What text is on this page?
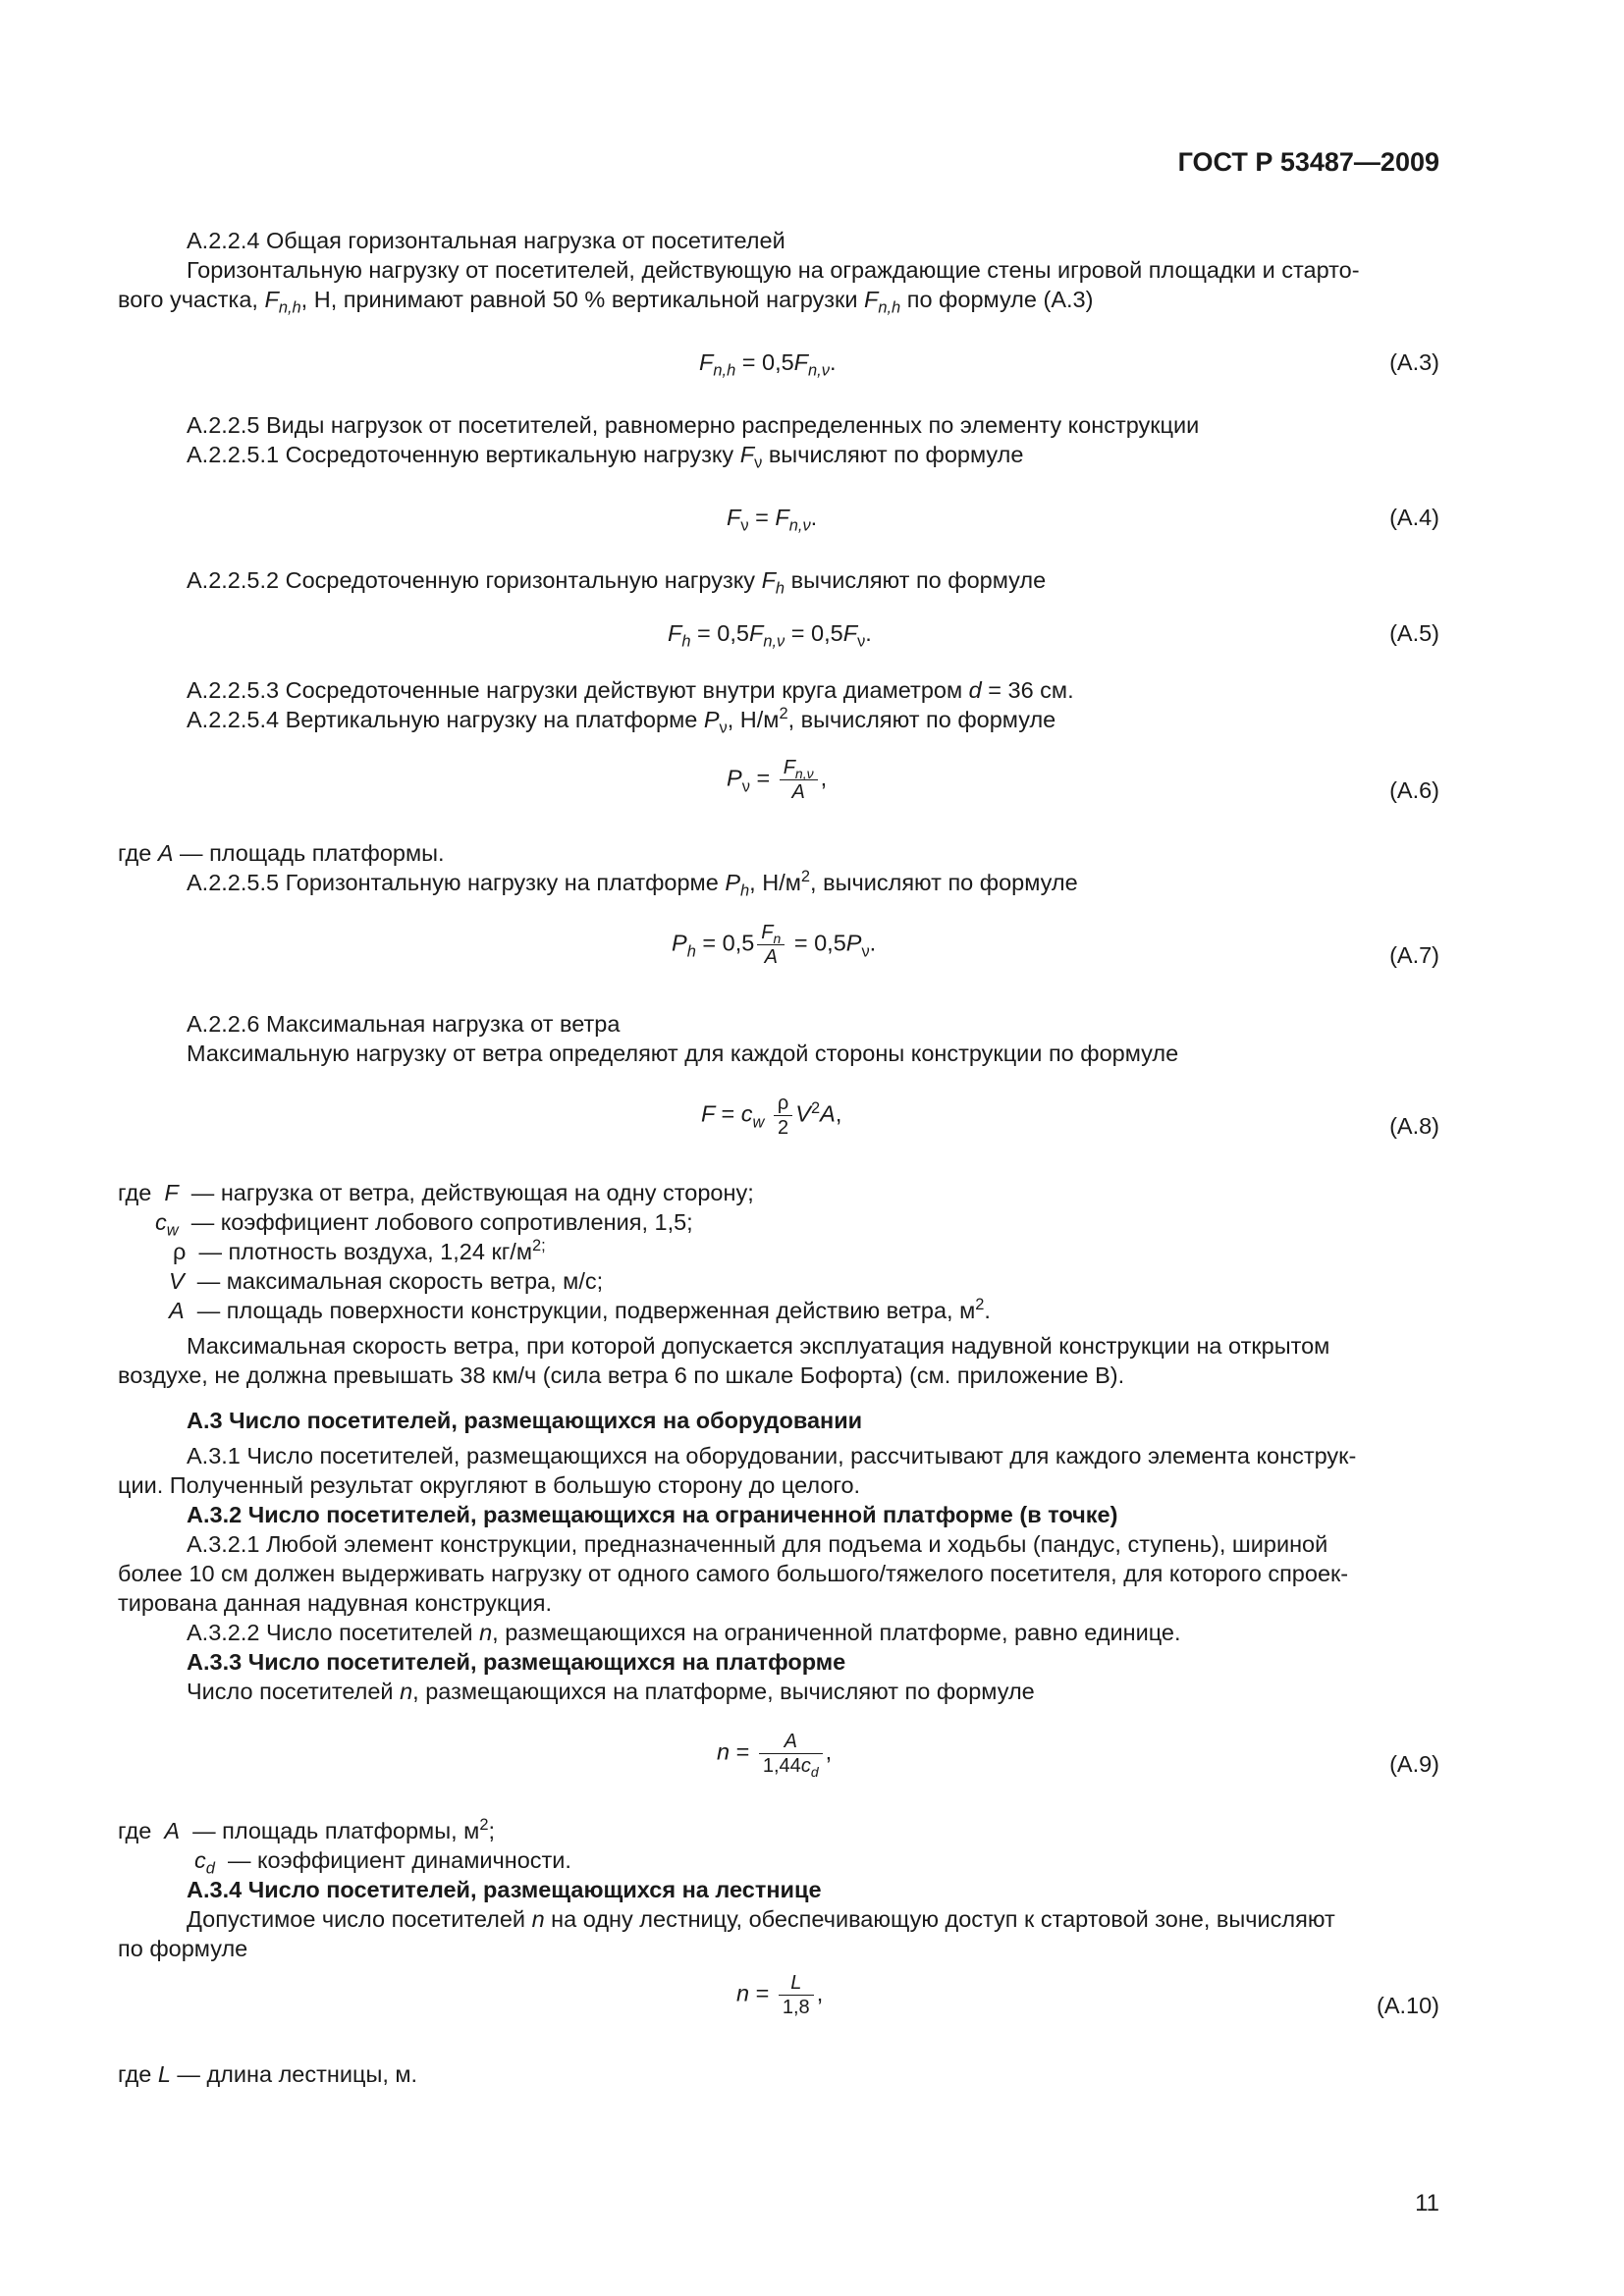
ГОСТ Р 53487—2009
А.2.2.4 Общая горизонтальная нагрузка от посетителей
Горизонтальную нагрузку от посетителей, действующую на ограждающие стены игровой площадки и старто-
вого участка, $F_{n,h}$, Н, принимают равной 50 % вертикальной нагрузки $F_{n,h}$ по формуле (А.3)
$F_{n,h} = 0,5F_{n,\nu}$.	(А.3)
А.2.2.5 Виды нагрузок от посетителей, равномерно распределенных по элементу конструкции
А.2.2.5.1 Сосредоточенную вертикальную нагрузку $F_\nu$ вычисляют по формуле
$F_\nu = F_{n,\nu}$.	(А.4)
А.2.2.5.2 Сосредоточенную горизонтальную нагрузку $F_h$ вычисляют по формуле
$F_h = 0,5F_{n,\nu} = 0,5F_\nu$.	(А.5)
А.2.2.5.3 Сосредоточенные нагрузки действуют внутри круга диаметром d = 36 см.
А.2.2.5.4 Вертикальную нагрузку на платформе $P_\nu$, $Н/м^2$, вычисляют по формуле
$P_\nu = \frac{F_{n,\nu}}{A}$ ,	(А.6)
где A — площадь платформы.
А.2.2.5.5 Горизонтальную нагрузку на платформе $P_h$, $Н/м^2$, вычисляют по формуле
$P_h = 0,5 \frac{F_n}{A} = 0,5P_\nu$.	(А.7)
А.2.2.6 Максимальная нагрузка от ветра
Максимальную нагрузку от ветра определяют для каждой стороны конструкции по формуле
$F = c_w \frac{\rho}{2} V^2A$,	(А.8)
где F — нагрузка от ветра, действующая на одну сторону;
$c_w$ — коэффициент лобового сопротивления, 1,5;
ρ — плотность воздуха, 1,24 $кг/м^{2;}$
V — максимальная скорость ветра, м/с;
A — площадь поверхности конструкции, подверженная действию ветра, $м^2$.
Максимальная скорость ветра, при которой допускается эксплуатация надувной конструкции на открытом
воздухе, не должна превышать 38 км/ч (сила ветра 6 по шкале Бофорта) (см. приложение В).
А.3 Число посетителей, размещающихся на оборудовании
А.3.1 Число посетителей, размещающихся на оборудовании, рассчитывают для каждого элемента конструк-
ции. Полученный результат округляют в большую сторону до целого.
А.3.2 Число посетителей, размещающихся на ограниченной платформе (в точке)
А.3.2.1 Любой элемент конструкции, предназначенный для подъема и ходьбы (пандус, ступень), шириной
более 10 см должен выдерживать нагрузку от одного самого большого/тяжелого посетителя, для которого спроек-
тирована данная надувная конструкция.
А.3.2.2 Число посетителей n, размещающихся на ограниченной платформе, равно единице.
А.3.3 Число посетителей, размещающихся на платформе
Число посетителей n, размещающихся на платформе, вычисляют по формуле
$n = \frac{A}{1,44c_d}$ ,	(А.9)
где A — площадь платформы, $м^2$;
$c_d$ — коэффициент динамичности.
А.3.4 Число посетителей, размещающихся на лестнице
Допустимое число посетителей n на одну лестницу, обеспечивающую доступ к стартовой зоне, вычисляют
по формуле
$n = \frac{L}{1,8}$ ,	(А.10)
где L — длина лестницы, м.
11
